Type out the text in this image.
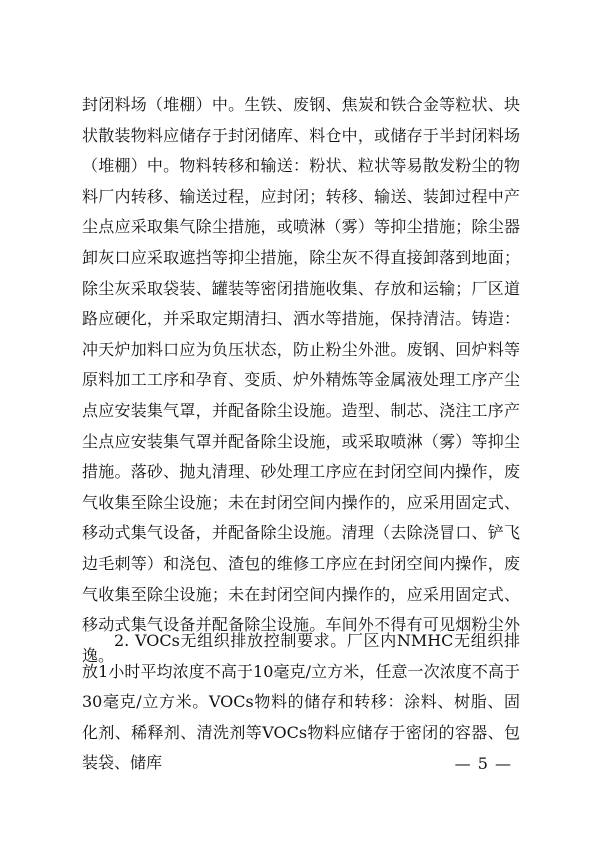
封闭料场（堆棚）中。生铁、废钢、焦炭和铁合金等粒状、块状散装物料应储存于封闭储库、料仓中，或储存于半封闭料场（堆棚）中。物料转移和输送：粉状、粒状等易散发粉尘的物料厂内转移、输送过程，应封闭；转移、输送、装卸过程中产尘点应采取集气除尘措施，或喷淋（雾）等抑尘措施；除尘器卸灰口应采取遮挡等抑尘措施，除尘灰不得直接卸落到地面；除尘灰采取袋装、罐装等密闭措施收集、存放和运输；厂区道路应硬化，并采取定期清扫、洒水等措施，保持清洁。铸造：冲天炉加料口应为负压状态，防止粉尘外泄。废钢、回炉料等原料加工工序和孕育、变质、炉外精炼等金属液处理工序产尘点应安装集气罩，并配备除尘设施。造型、制芯、浇注工序产尘点应安装集气罩并配备除尘设施，或采取喷淋（雾）等抑尘措施。落砂、抛丸清理、砂处理工序应在封闭空间内操作，废气收集至除尘设施；未在封闭空间内操作的，应采用固定式、移动式集气设备，并配备除尘设施。清理（去除浇冒口、铲飞边毛刺等）和浇包、渣包的维修工序应在封闭空间内操作，废气收集至除尘设施；未在封闭空间内操作的，应采用固定式、移动式集气设备并配备除尘设施。车间外不得有可见烟粉尘外逸。

2. VOCs无组织排放控制要求。厂区内NMHC无组织排放1小时平均浓度不高于10毫克/立方米，任意一次浓度不高于30毫克/立方米。VOCs物料的储存和转移：涂料、树脂、固化剂、稀释剂、清洗剂等VOCs物料应储存于密闭的容器、包装袋、储库	— 5 —
